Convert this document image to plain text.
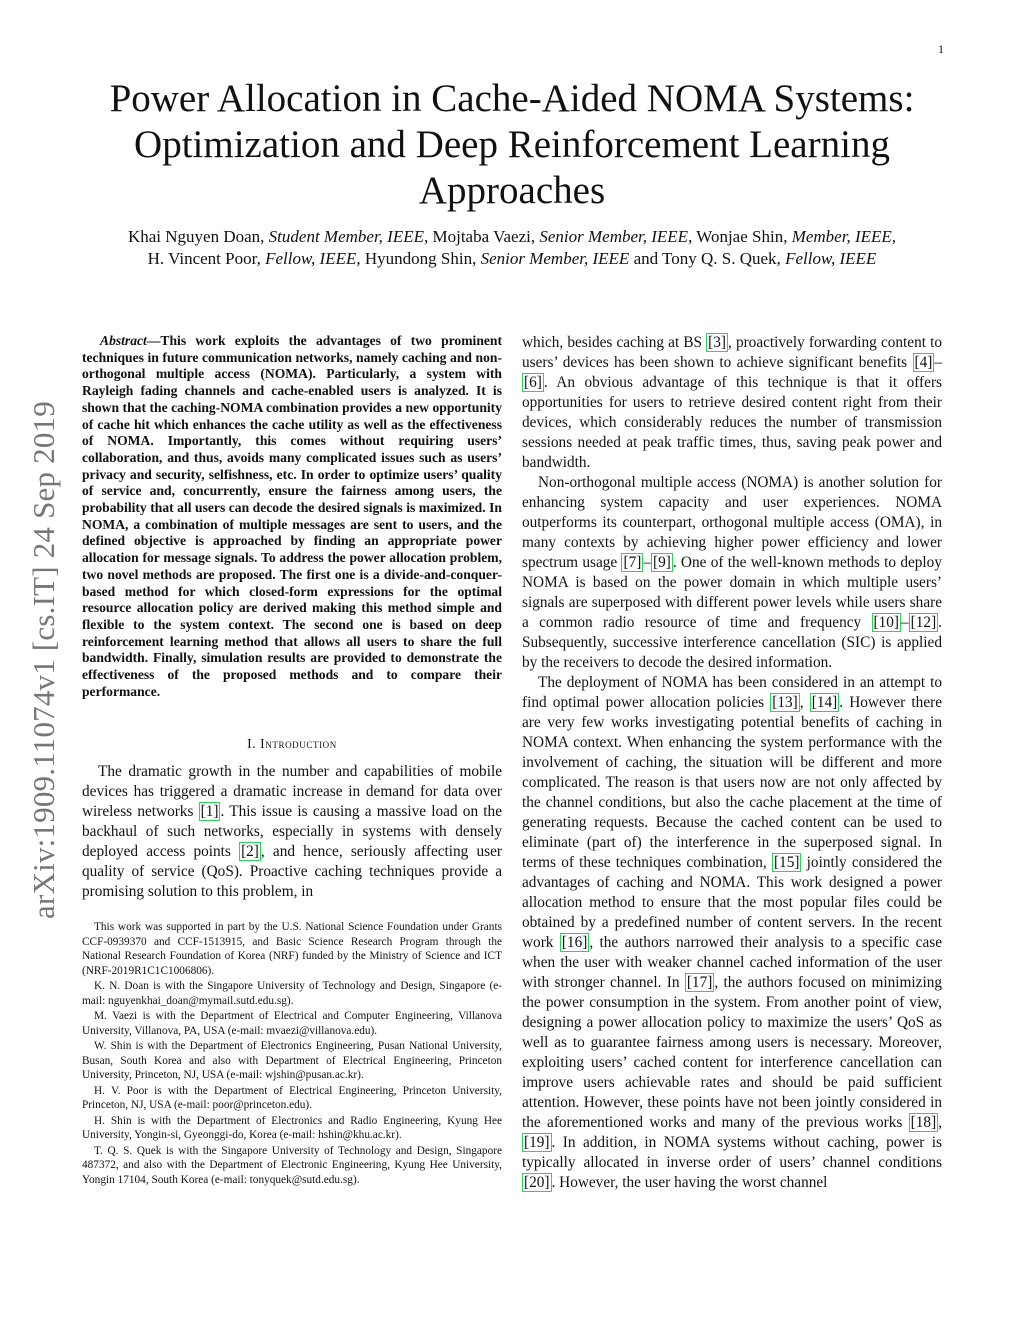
1
arXiv:1909.11074v1 [cs.IT] 24 Sep 2019
Power Allocation in Cache-Aided NOMA Systems:
Optimization and Deep Reinforcement Learning
Approaches
Khai Nguyen Doan, Student Member, IEEE, Mojtaba Vaezi, Senior Member, IEEE, Wonjae Shin, Member, IEEE,
H. Vincent Poor, Fellow, IEEE, Hyundong Shin, Senior Member, IEEE and Tony Q. S. Quek, Fellow, IEEE

Abstract—This work exploits the advantages of two prominent techniques in future communication networks, namely caching and non-orthogonal multiple access (NOMA). Particularly, a system with Rayleigh fading channels and cache-enabled users is analyzed. It is shown that the caching-NOMA combination provides a new opportunity of cache hit which enhances the cache utility as well as the effectiveness of NOMA. Importantly, this comes without requiring users’ collaboration, and thus, avoids many complicated issues such as users’ privacy and security, selfishness, etc. In order to optimize users’ quality of service and, concurrently, ensure the fairness among users, the probability that all users can decode the desired signals is maximized. In NOMA, a combination of multiple messages are sent to users, and the defined objective is approached by finding an appropriate power allocation for message signals. To address the power allocation problem, two novel methods are proposed. The first one is a divide-and-conquer-based method for which closed-form expressions for the optimal resource allocation policy are derived making this method simple and flexible to the system context. The second one is based on deep reinforcement learning method that allows all users to share the full bandwidth. Finally, simulation results are provided to demonstrate the effectiveness of the proposed methods and to compare their performance.

I. Introduction

The dramatic growth in the number and capabilities of mobile devices has triggered a dramatic increase in demand for data over wireless networks [1] . This issue is causing a massive load on the backhaul of such networks, especially in systems with densely deployed access points [2] , and hence, seriously affecting user quality of service (QoS). Proactive caching techniques provide a promising solution to this problem, in

This work was supported in part by the U.S. National Science Foundation under Grants CCF-0939370 and CCF-1513915, and Basic Science Research Program through the National Research Foundation of Korea (NRF) funded by the Ministry of Science and ICT (NRF-2019R1C1C1006806).

K. N. Doan is with the Singapore University of Technology and Design, Singapore (e-mail: nguyenkhai_doan@mymail.sutd.edu.sg).

M. Vaezi is with the Department of Electrical and Computer Engineering, Villanova University, Villanova, PA, USA (e-mail: mvaezi@villanova.edu).

W. Shin is with the Department of Electronics Engineering, Pusan National University, Busan, South Korea and also with Department of Electrical Engineering, Princeton University, Princeton, NJ, USA (e-mail: wjshin@pusan.ac.kr).

H. V. Poor is with the Department of Electrical Engineering, Princeton University, Princeton, NJ, USA (e-mail: poor@princeton.edu).

H. Shin is with the Department of Electronics and Radio Engineering, Kyung Hee University, Yongin-si, Gyeonggi-do, Korea (e-mail: hshin@khu.ac.kr).

T. Q. S. Quek is with the Singapore University of Technology and Design, Singapore 487372, and also with the Department of Electronic Engineering, Kyung Hee University, Yongin 17104, South Korea (e-mail: tonyquek@sutd.edu.sg).

which, besides caching at BS [3] , proactively forwarding content to users’ devices has been shown to achieve significant benefits [4] –[6] . An obvious advantage of this technique is that it offers opportunities for users to retrieve desired content right from their devices, which considerably reduces the number of transmission sessions needed at peak traffic times, thus, saving peak power and bandwidth.

Non-orthogonal multiple access (NOMA) is another solution for enhancing system capacity and user experiences. NOMA outperforms its counterpart, orthogonal multiple access (OMA), in many contexts by achieving higher power efficiency and lower spectrum usage [7] – [9] . One of the well-known methods to deploy NOMA is based on the power domain in which multiple users’ signals are superposed with different power levels while users share a common radio resource of time and frequency [10] – [12] . Subsequently, successive interference cancellation (SIC) is applied by the receivers to decode the desired information.

The deployment of NOMA has been considered in an attempt to find optimal power allocation policies [13] , [14] . However there are very few works investigating potential benefits of caching in NOMA context. When enhancing the system performance with the involvement of caching, the situation will be different and more complicated. The reason is that users now are not only affected by the channel conditions, but also the cache placement at the time of generating requests. Because the cached content can be used to eliminate (part of) the interference in the superposed signal. In terms of these techniques combination, [15] jointly considered the advantages of caching and NOMA. This work designed a power allocation method to ensure that the most popular files could be obtained by a predefined number of content servers. In the recent work [16] , the authors narrowed their analysis to a specific case when the user with weaker channel cached information of the user with stronger channel. In [17] , the authors focused on minimizing the power consumption in the system. From another point of view, designing a power allocation policy to maximize the users’ QoS as well as to guarantee fairness among users is necessary. Moreover, exploiting users’ cached content for interference cancellation can improve users achievable rates and should be paid sufficient attention. However, these points have not been jointly considered in the aforementioned works and many of the previous works [18] , [19] . In addition, in NOMA systems without caching, power is typically allocated in inverse order of users’ channel conditions [20] . However, the user having the worst channel
